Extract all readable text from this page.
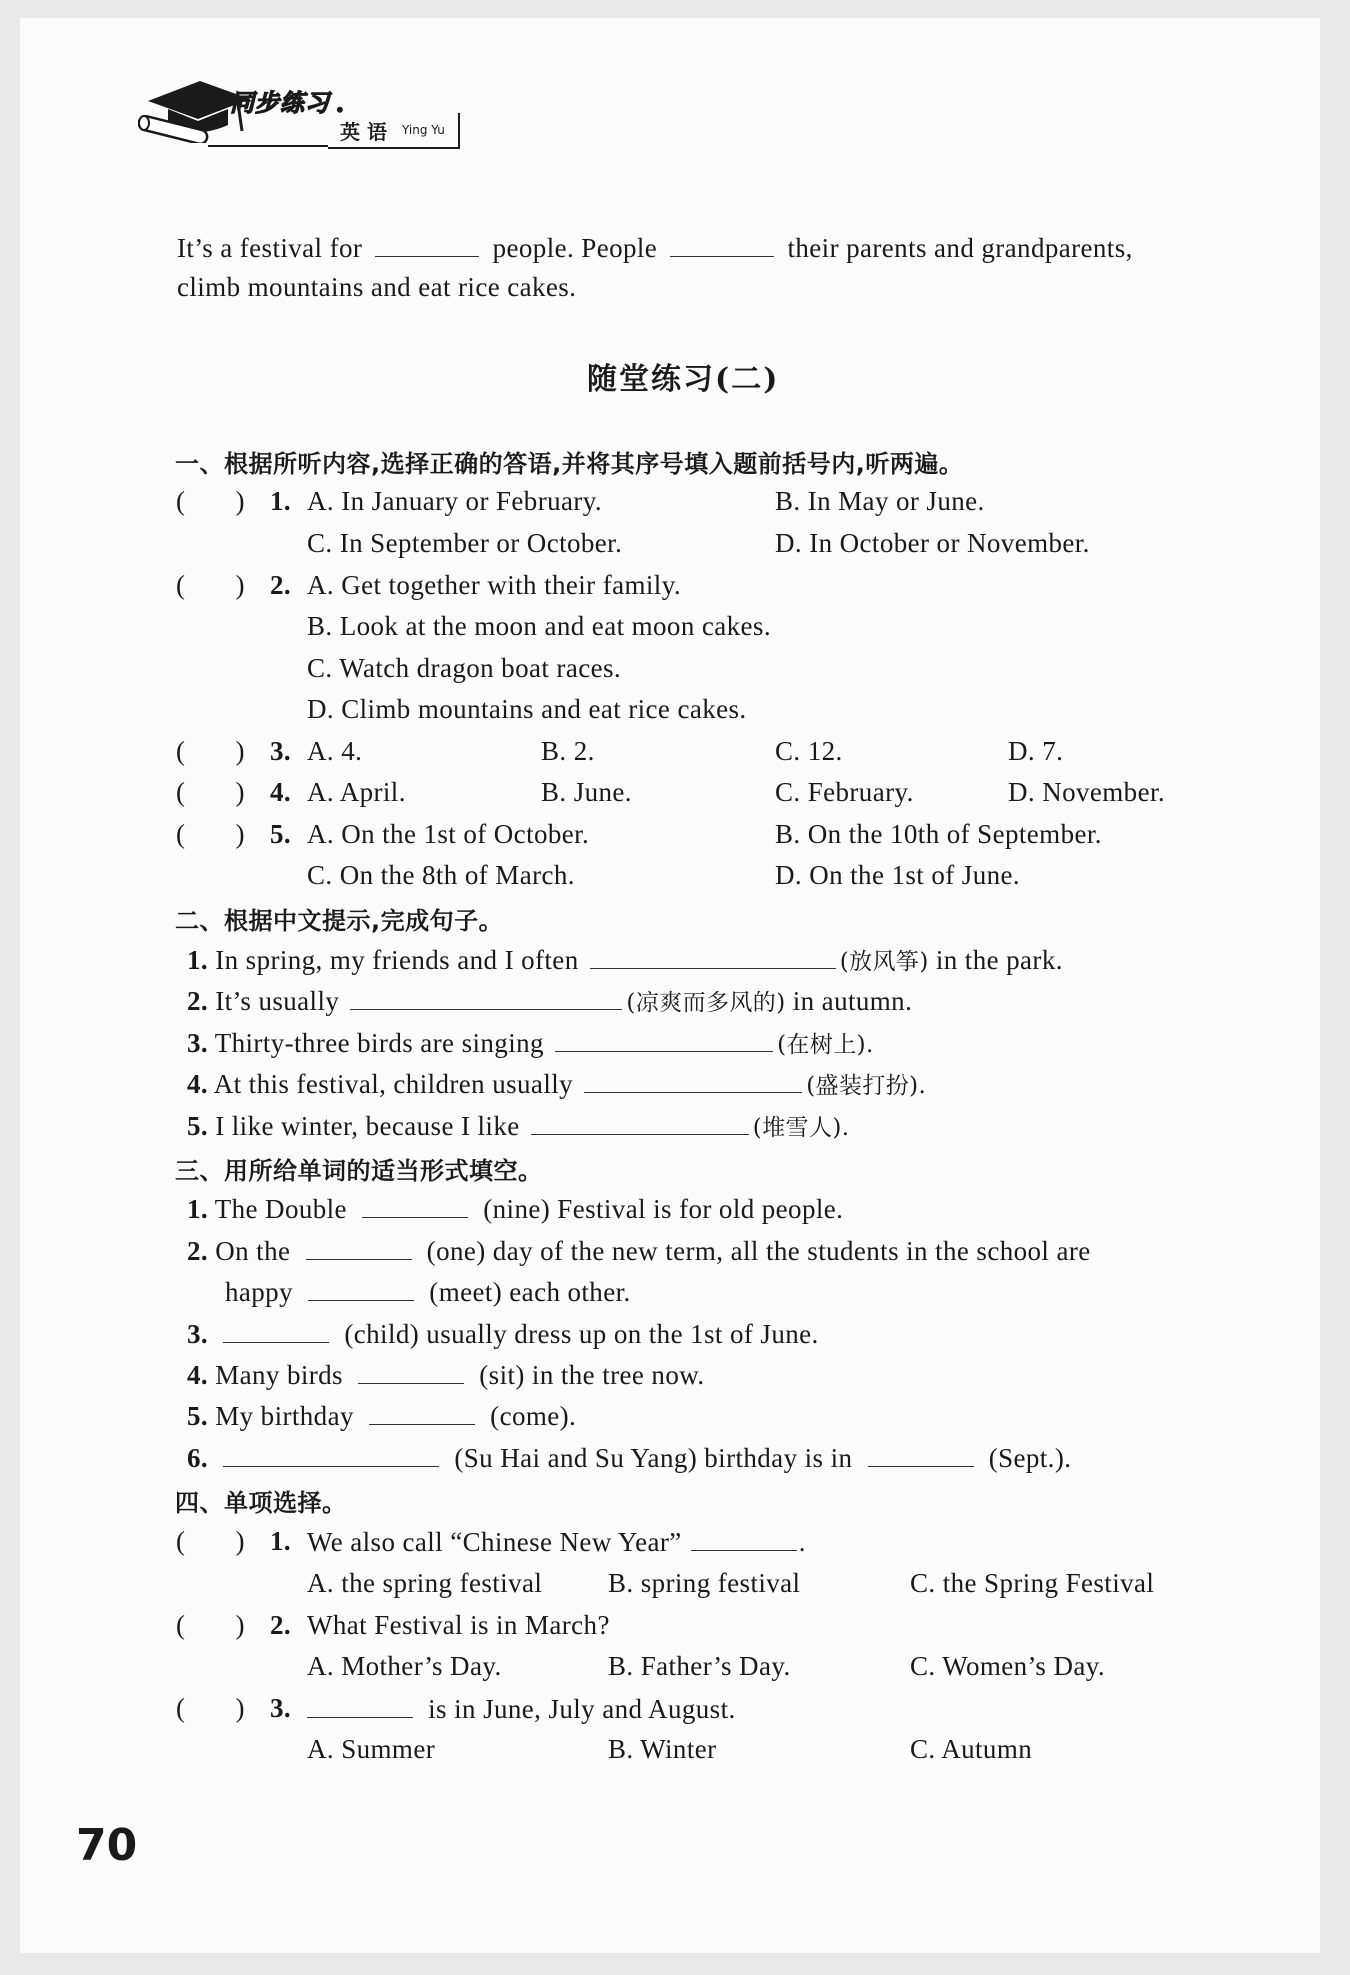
同步练习 •
英 语 Ying Yu
It’s a festival for	people. People	their parents and grandparents,
climb mountains and eat rice cakes.
随堂练习(二)
一、根据所听内容,选择正确的答语,并将其序号填入题前括号内,听两遍。
(       ) 1. A. In January or February.	B. In May or June.
C. In September or October.	D. In October or November.
(       ) 2. A. Get together with their family.
B. Look at the moon and eat moon cakes.
C. Watch dragon boat races.
D. Climb mountains and eat rice cakes.
(       ) 3. A. 4.	B. 2.	C. 12.	D. 7.
(       ) 4. A. April.	B. June.	C. February.	D. November.
(       ) 5. A. On the 1st of October.	B. On the 10th of September.
C. On the 8th of March.	D. On the 1st of June.
二、根据中文提示,完成句子。
1. In spring, my friends and I often	(放风筝) in the park.
2. It’s usually	(凉爽而多风的) in autumn.
3. Thirty-three birds are singing	(在树上).
4. At this festival, children usually	(盛装打扮).
5. I like winter, because I like	(堆雪人).
三、用所给单词的适当形式填空。
1. The Double	(nine) Festival is for old people.
2. On the	(one) day of the new term, all the students in the school are
happy	(meet) each other.
3.	(child) usually dress up on the 1st of June.
4. Many birds	(sit) in the tree now.
5. My birthday	(come).
6.	(Su Hai and Su Yang) birthday is in	(Sept.).
四、单项选择。
(       ) 1. We also call “Chinese New Year”	.
A. the spring festival B. spring festival	C. the Spring Festival
(       ) 2. What Festival is in March?
A. Mother’s Day.	B. Father’s Day.	C. Women’s Day.
(       ) 3.	is in June, July and August.
A. Summer	B. Winter	C. Autumn
70
